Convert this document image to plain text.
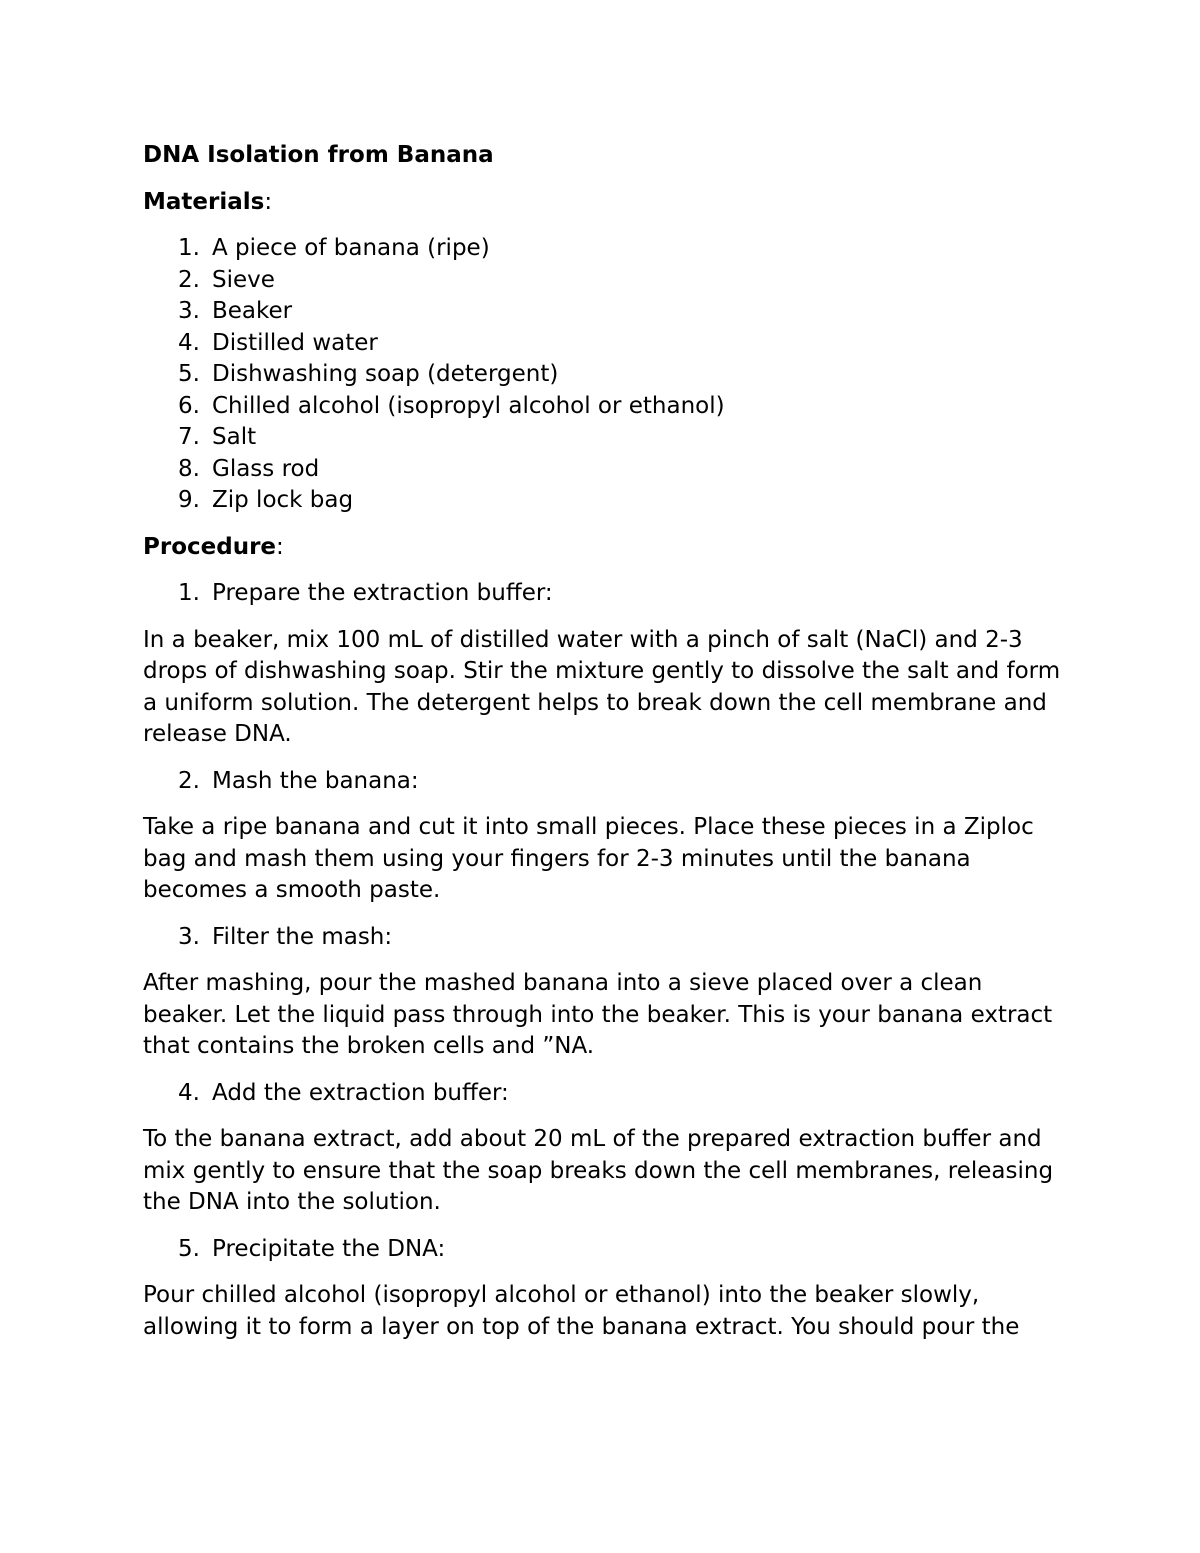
DNA Isolation from Banana
Materials:
1. A piece of banana (ripe)
2. Sieve
3. Beaker
4. Distilled water
5. Dishwashing soap (detergent)
6. Chilled alcohol (isopropyl alcohol or ethanol)
7. Salt
8. Glass rod
9. Zip lock bag
Procedure:
1. Prepare the extraction buffer:
In a beaker, mix 100 mL of distilled water with a pinch of salt (NaCl) and 2-3 drops of dishwashing soap. Stir the mixture gently to dissolve the salt and form a uniform solution. The detergent helps to break down the cell membrane and release DNA.
2. Mash the banana:
Take a ripe banana and cut it into small pieces. Place these pieces in a Ziploc bag and mash them using your fingers for 2-3 minutes until the banana becomes a smooth paste.
3. Filter the mash:
After mashing, pour the mashed banana into a sieve placed over a clean beaker. Let the liquid pass through into the beaker. This is your banana extract that contains the broken cells and ”NA.
4. Add the extraction buffer:
To the banana extract, add about 20 mL of the prepared extraction buffer and mix gently to ensure that the soap breaks down the cell membranes, releasing the DNA into the solution.
5. Precipitate the DNA:
Pour chilled alcohol (isopropyl alcohol or ethanol) into the beaker slowly, allowing it to form a layer on top of the banana extract. You should pour the
